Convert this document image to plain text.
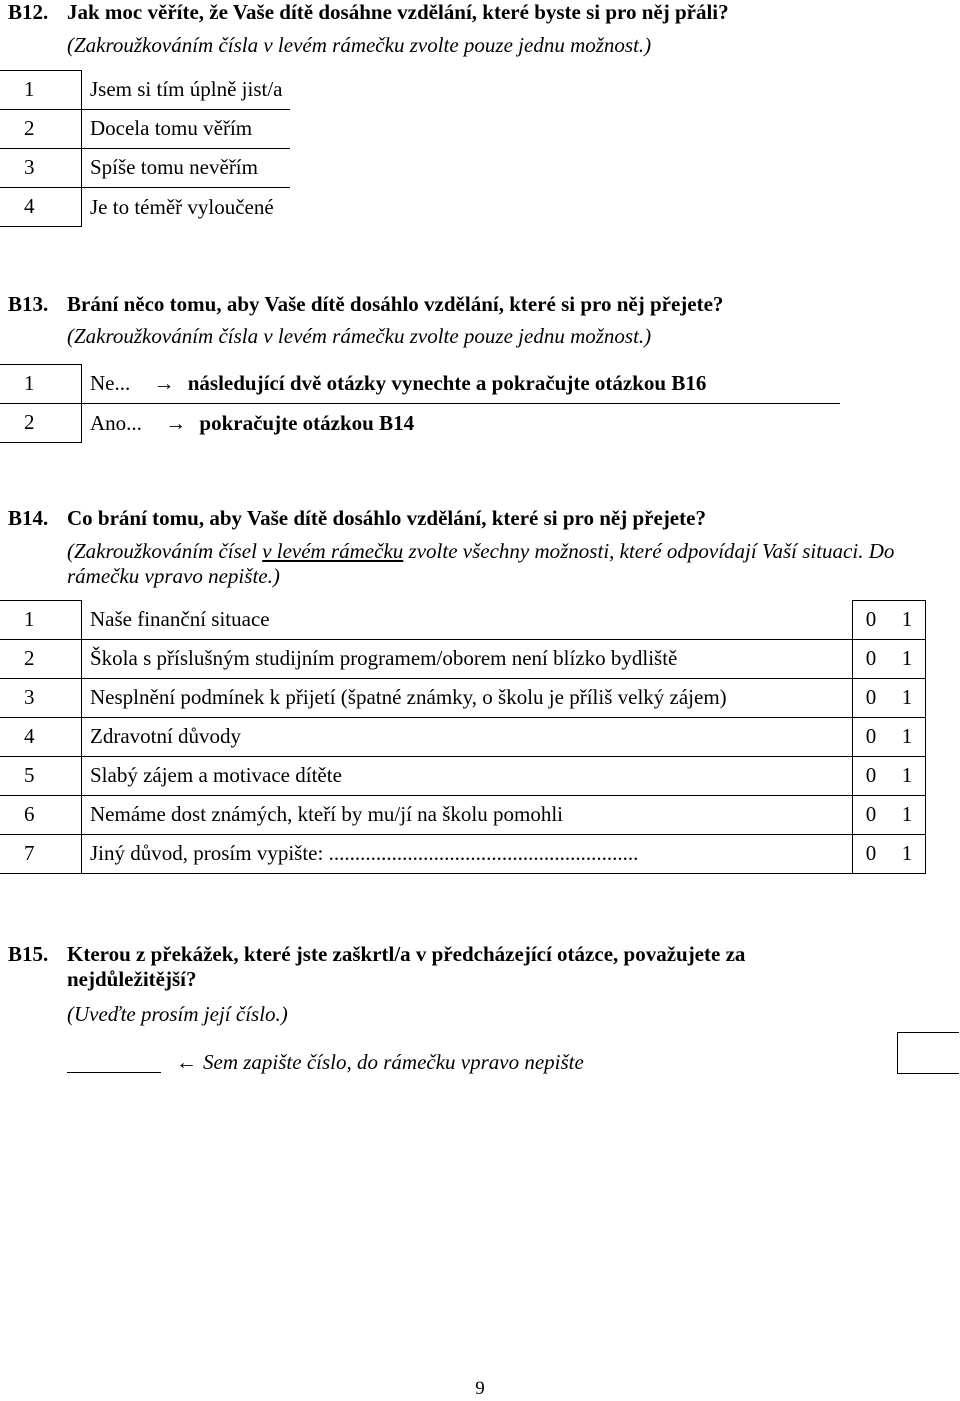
B12. Jak moc věříte, že Vaše dítě dosáhne vzdělání, které byste si pro něj přáli?
(Zakroužkováním čísla v levém rámečku zvolte pouze jednu možnost.)
1	Jsem si tím úplně jist/a
2	Docela tomu věřím
3	Spíše tomu nevěřím
4	Je to téměř vyloučené
B13. Brání něco tomu, aby Vaše dítě dosáhlo vzdělání, které si pro něj přejete?
(Zakroužkováním čísla v levém rámečku zvolte pouze jednu možnost.)
1	Ne... → následující dvě otázky vynechte a pokračujte otázkou B16
2	Ano... → pokračujte otázkou B14
B14. Co brání tomu, aby Vaše dítě dosáhlo vzdělání, které si pro něj přejete?
(Zakroužkováním čísel v levém rámečku zvolte všechny možnosti, které odpovídají Vaší situaci. Do rámečku vpravo nepište.)
1	Naše finanční situace	0	1
2	Škola s příslušným studijním programem/oborem není blízko bydliště	0	1
3	Nesplnění podmínek k přijetí (špatné známky, o školu je příliš velký zájem)	0	1
4	Zdravotní důvody	0	1
5	Slabý zájem a motivace dítěte	0	1
6	Nemáme dost známých, kteří by mu/jí na školu pomohli	0	1
7	Jiný důvod, prosím vypište: ...........................................................	0	1
B15. Kterou z překážek, které jste zaškrtl/a v předcházející otázce, považujete za nejdůležitější?
(Uveďte prosím její číslo.)
← Sem zapište číslo, do rámečku vpravo nepište
9
